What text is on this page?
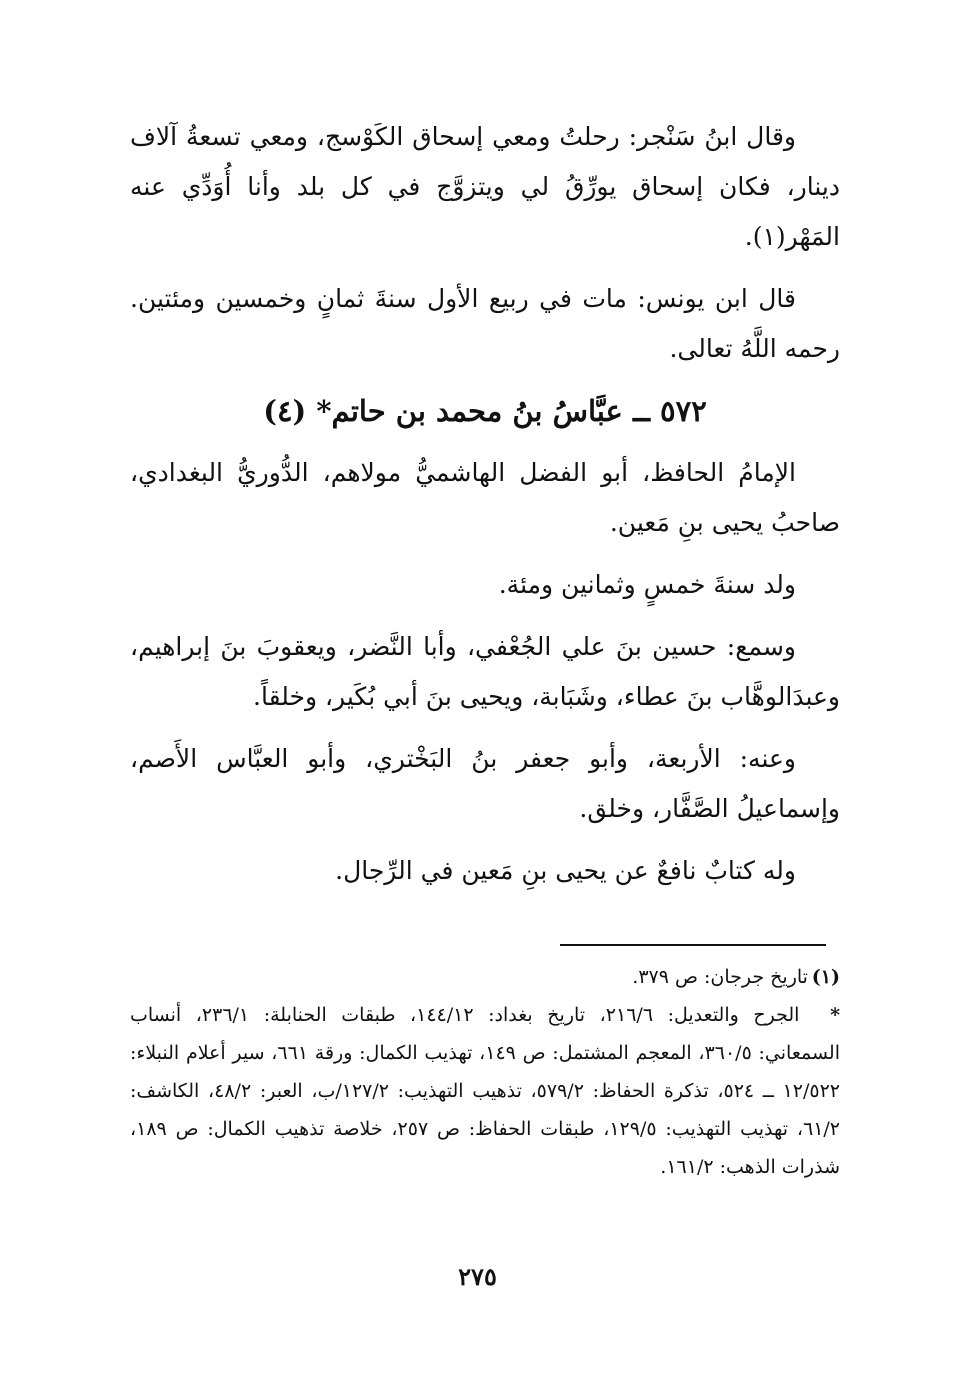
وقال ابنُ سَنْجر: رحلتُ ومعي إسحاق الكَوْسج، ومعي تسعةُ آلاف دينار، فكان إسحاق يورِّقُ لي ويتزوَّج في كل بلد وأنا أُوَدِّي عنه المَهْر(١).

قال ابن يونس: مات في ربيع الأول سنةَ ثمانٍ وخمسين ومئتين. رحمه اللَّهُ تعالى.

٥٧٢ ــ عبَّاسُ بنُ محمد بن حاتم* (٤)

الإمامُ الحافظ، أبو الفضل الهاشميُّ مولاهم، الدُّوريُّ البغدادي، صاحبُ يحيى بنِ مَعين.

ولد سنةَ خمسٍ وثمانين ومئة.

وسمع: حسين بنَ علي الجُعْفي، وأبا النَّضر، ويعقوبَ بنَ إبراهيم، وعبدَالوهَّاب بنَ عطاء، وشَبَابة، ويحيى بنَ أبي بُكَير، وخلقاً.

وعنه: الأربعة، وأبو جعفر بنُ البَخْتري، وأبو العبَّاس الأَصم، وإسماعيلُ الصَّفَّار، وخلق.

وله كتابٌ نافعٌ عن يحيى بنِ مَعين في الرِّجال.

(١) تاريخ جرجان: ص ٣٧٩.

* الجرح والتعديل: ٢١٦/٦، تاريخ بغداد: ١٤٤/١٢، طبقات الحنابلة: ٢٣٦/١، أنساب السمعاني: ٣٦٠/٥، المعجم المشتمل: ص ١٤٩، تهذيب الكمال: ورقة ٦٦١، سير أعلام النبلاء: ١٢/٥٢٢ ــ ٥٢٤، تذكرة الحفاظ: ٥٧٩/٢، تذهيب التهذيب: ١٢٧/٢/ب، العبر: ٤٨/٢، الكاشف: ٦١/٢، تهذيب التهذيب: ١٢٩/٥، طبقات الحفاظ: ص ٢٥٧، خلاصة تذهيب الكمال: ص ١٨٩، شذرات الذهب: ١٦١/٢.

٢٧٥
